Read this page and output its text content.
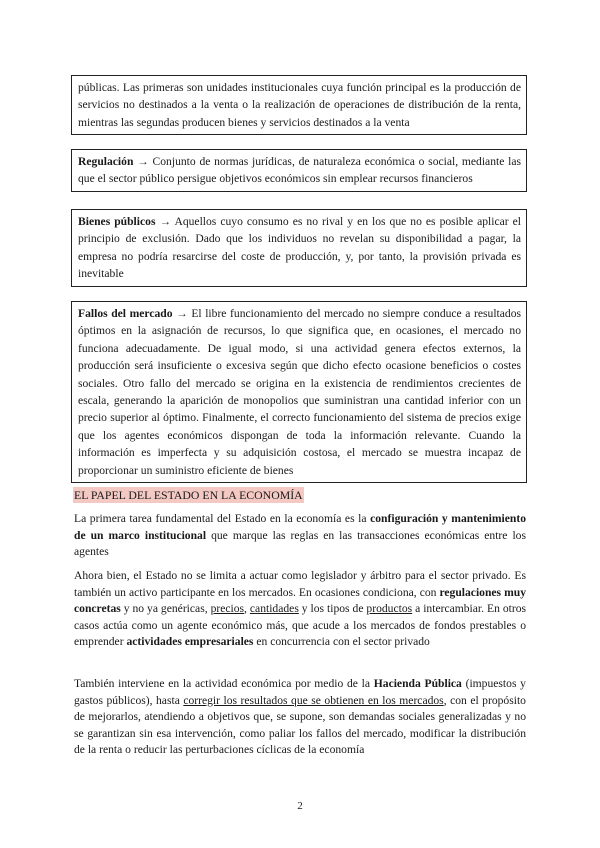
públicas. Las primeras son unidades institucionales cuya función principal es la producción de servicios no destinados a la venta o la realización de operaciones de distribución de la renta, mientras las segundas producen bienes y servicios destinados a la venta
Regulación → Conjunto de normas jurídicas, de naturaleza económica o social, mediante las que el sector público persigue objetivos económicos sin emplear recursos financieros
Bienes públicos → Aquellos cuyo consumo es no rival y en los que no es posible aplicar el principio de exclusión. Dado que los individuos no revelan su disponibilidad a pagar, la empresa no podría resarcirse del coste de producción, y, por tanto, la provisión privada es inevitable
Fallos del mercado → El libre funcionamiento del mercado no siempre conduce a resultados óptimos en la asignación de recursos, lo que significa que, en ocasiones, el mercado no funciona adecuadamente. De igual modo, si una actividad genera efectos externos, la producción será insuficiente o excesiva según que dicho efecto ocasione beneficios o costes sociales. Otro fallo del mercado se origina en la existencia de rendimientos crecientes de escala, generando la aparición de monopolios que suministran una cantidad inferior con un precio superior al óptimo. Finalmente, el correcto funcionamiento del sistema de precios exige que los agentes económicos dispongan de toda la información relevante. Cuando la información es imperfecta y su adquisición costosa, el mercado se muestra incapaz de proporcionar un suministro eficiente de bienes
EL PAPEL DEL ESTADO EN LA ECONOMÍA

La primera tarea fundamental del Estado en la economía es la configuración y mantenimiento de un marco institucional que marque las reglas en las transacciones económicas entre los agentes

Ahora bien, el Estado no se limita a actuar como legislador y árbitro para el sector privado. Es también un activo participante en los mercados. En ocasiones condiciona, con regulaciones muy concretas y no ya genéricas, precios, cantidades y los tipos de productos a intercambiar. En otros casos actúa como un agente económico más, que acude a los mercados de fondos prestables o emprender actividades empresariales en concurrencia con el sector privado

También interviene en la actividad económica por medio de la Hacienda Pública (impuestos y gastos públicos), hasta corregir los resultados que se obtienen en los mercados, con el propósito de mejorarlos, atendiendo a objetivos que, se supone, son demandas sociales generalizadas y no se garantizan sin esa intervención, como paliar los fallos del mercado, modificar la distribución de la renta o reducir las perturbaciones cíclicas de la economía

2
